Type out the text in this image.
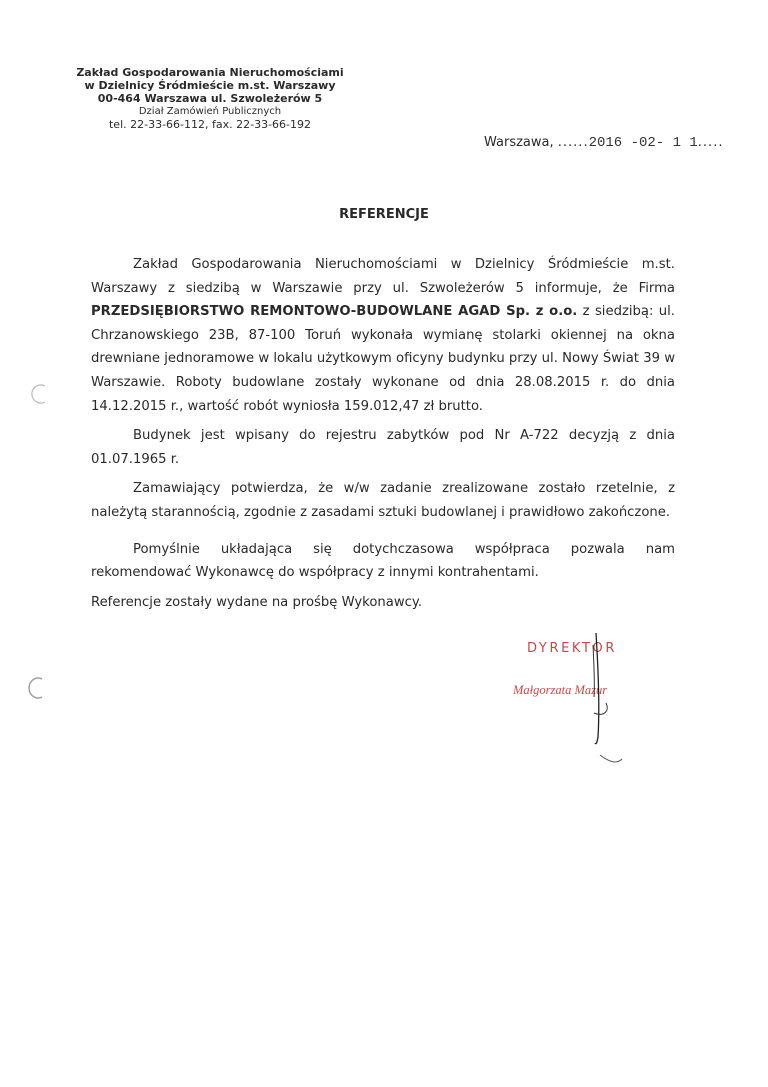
Zakład Gospodarowania Nieruchomościami
w Dzielnicy Śródmieście m.st. Warszawy
00-464 Warszawa ul. Szwoleżerów 5
Dział Zamówień Publicznych
tel. 22-33-66-112, fax. 22-33-66-192
Warszawa, ......2016 -02- 1 1.....
REFERENCJE

Zakład Gospodarowania Nieruchomościami w Dzielnicy Śródmieście m.st. Warszawy z siedzibą w Warszawie przy ul. Szwoleżerów 5 informuje, że Firma PRZEDSIĘBIORSTWO REMONTOWO-BUDOWLANE AGAD Sp. z o.o. z siedzibą: ul. Chrzanowskiego 23B, 87-100 Toruń wykonała wymianę stolarki okiennej na okna drewniane jednoramowe w lokalu użytkowym oficyny budynku przy ul. Nowy Świat 39 w Warszawie. Roboty budowlane zostały wykonane od dnia 28.08.2015 r. do dnia 14.12.2015 r., wartość robót wyniosła 159.012,47 zł brutto.

Budynek jest wpisany do rejestru zabytków pod Nr A-722 decyzją z dnia 01.07.1965 r.

Zamawiający potwierdza, że w/w zadanie zrealizowane zostało rzetelnie, z należytą starannością, zgodnie z zasadami sztuki budowlanej i prawidłowo zakończone.

Pomyślnie układająca się dotychczasowa współpraca pozwala nam rekomendować Wykonawcę do współpracy z innymi kontrahentami.

Referencje zostały wydane na prośbę Wykonawcy.

DYREKTOR
Małgorzata Mazur
